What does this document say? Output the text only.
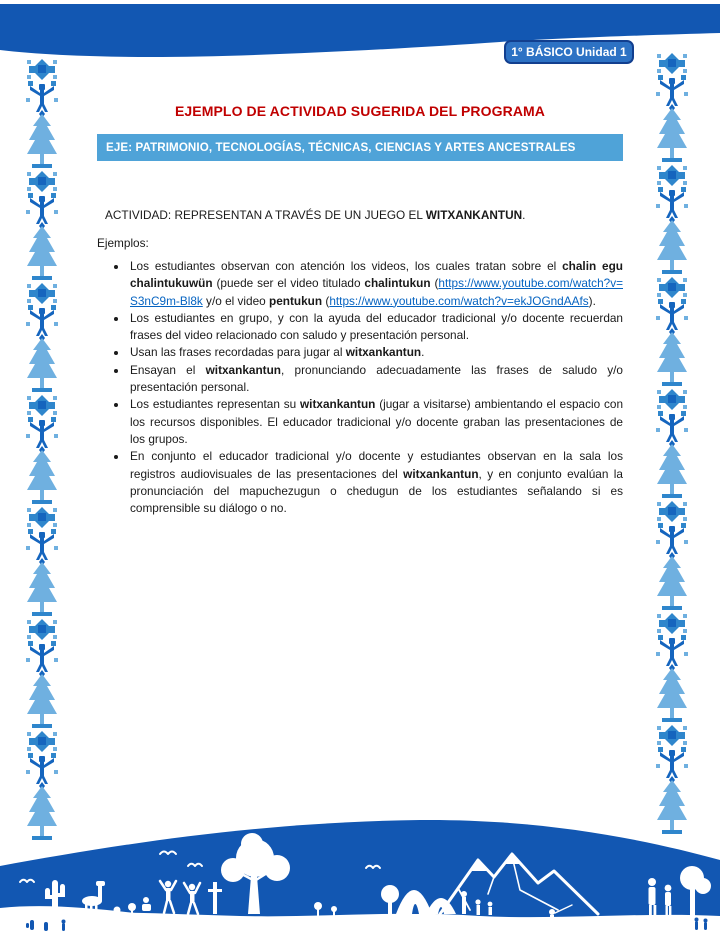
1° BÁSICO Unidad 1
EJEMPLO DE ACTIVIDAD SUGERIDA DEL PROGRAMA
EJE: PATRIMONIO, TECNOLOGÍAS, TÉCNICAS, CIENCIAS Y ARTES ANCESTRALES
ACTIVIDAD: REPRESENTAN A TRAVÉS DE UN JUEGO EL WITXANKANTUN.
Ejemplos:
• Los estudiantes observan con atención los videos, los cuales tratan sobre el chalin egu chalintukuwün (puede ser el video titulado chalintukun (https://www.youtube.com/watch?v=S3nC9m-Bl8k y/o el video pentukun (https://www.youtube.com/watch?v=ekJOGndAAfs).
• Los estudiantes en grupo, y con la ayuda del educador tradicional y/o docente recuerdan frases del video relacionado con saludo y presentación personal.
• Usan las frases recordadas para jugar al witxankantun.
• Ensayan el witxankantun, pronunciando adecuadamente las frases de saludo y/o presentación personal.
• Los estudiantes representan su witxankantun (jugar a visitarse) ambientando el espacio con los recursos disponibles. El educador tradicional y/o docente graban las presentaciones de los grupos.
• En conjunto el educador tradicional y/o docente y estudiantes observan en la sala los registros audiovisuales de las presentaciones del witxankantun, y en conjunto evalúan la pronunciación del mapuchezugun o chedugun de los estudiantes señalando si es comprensible su diálogo o no.
